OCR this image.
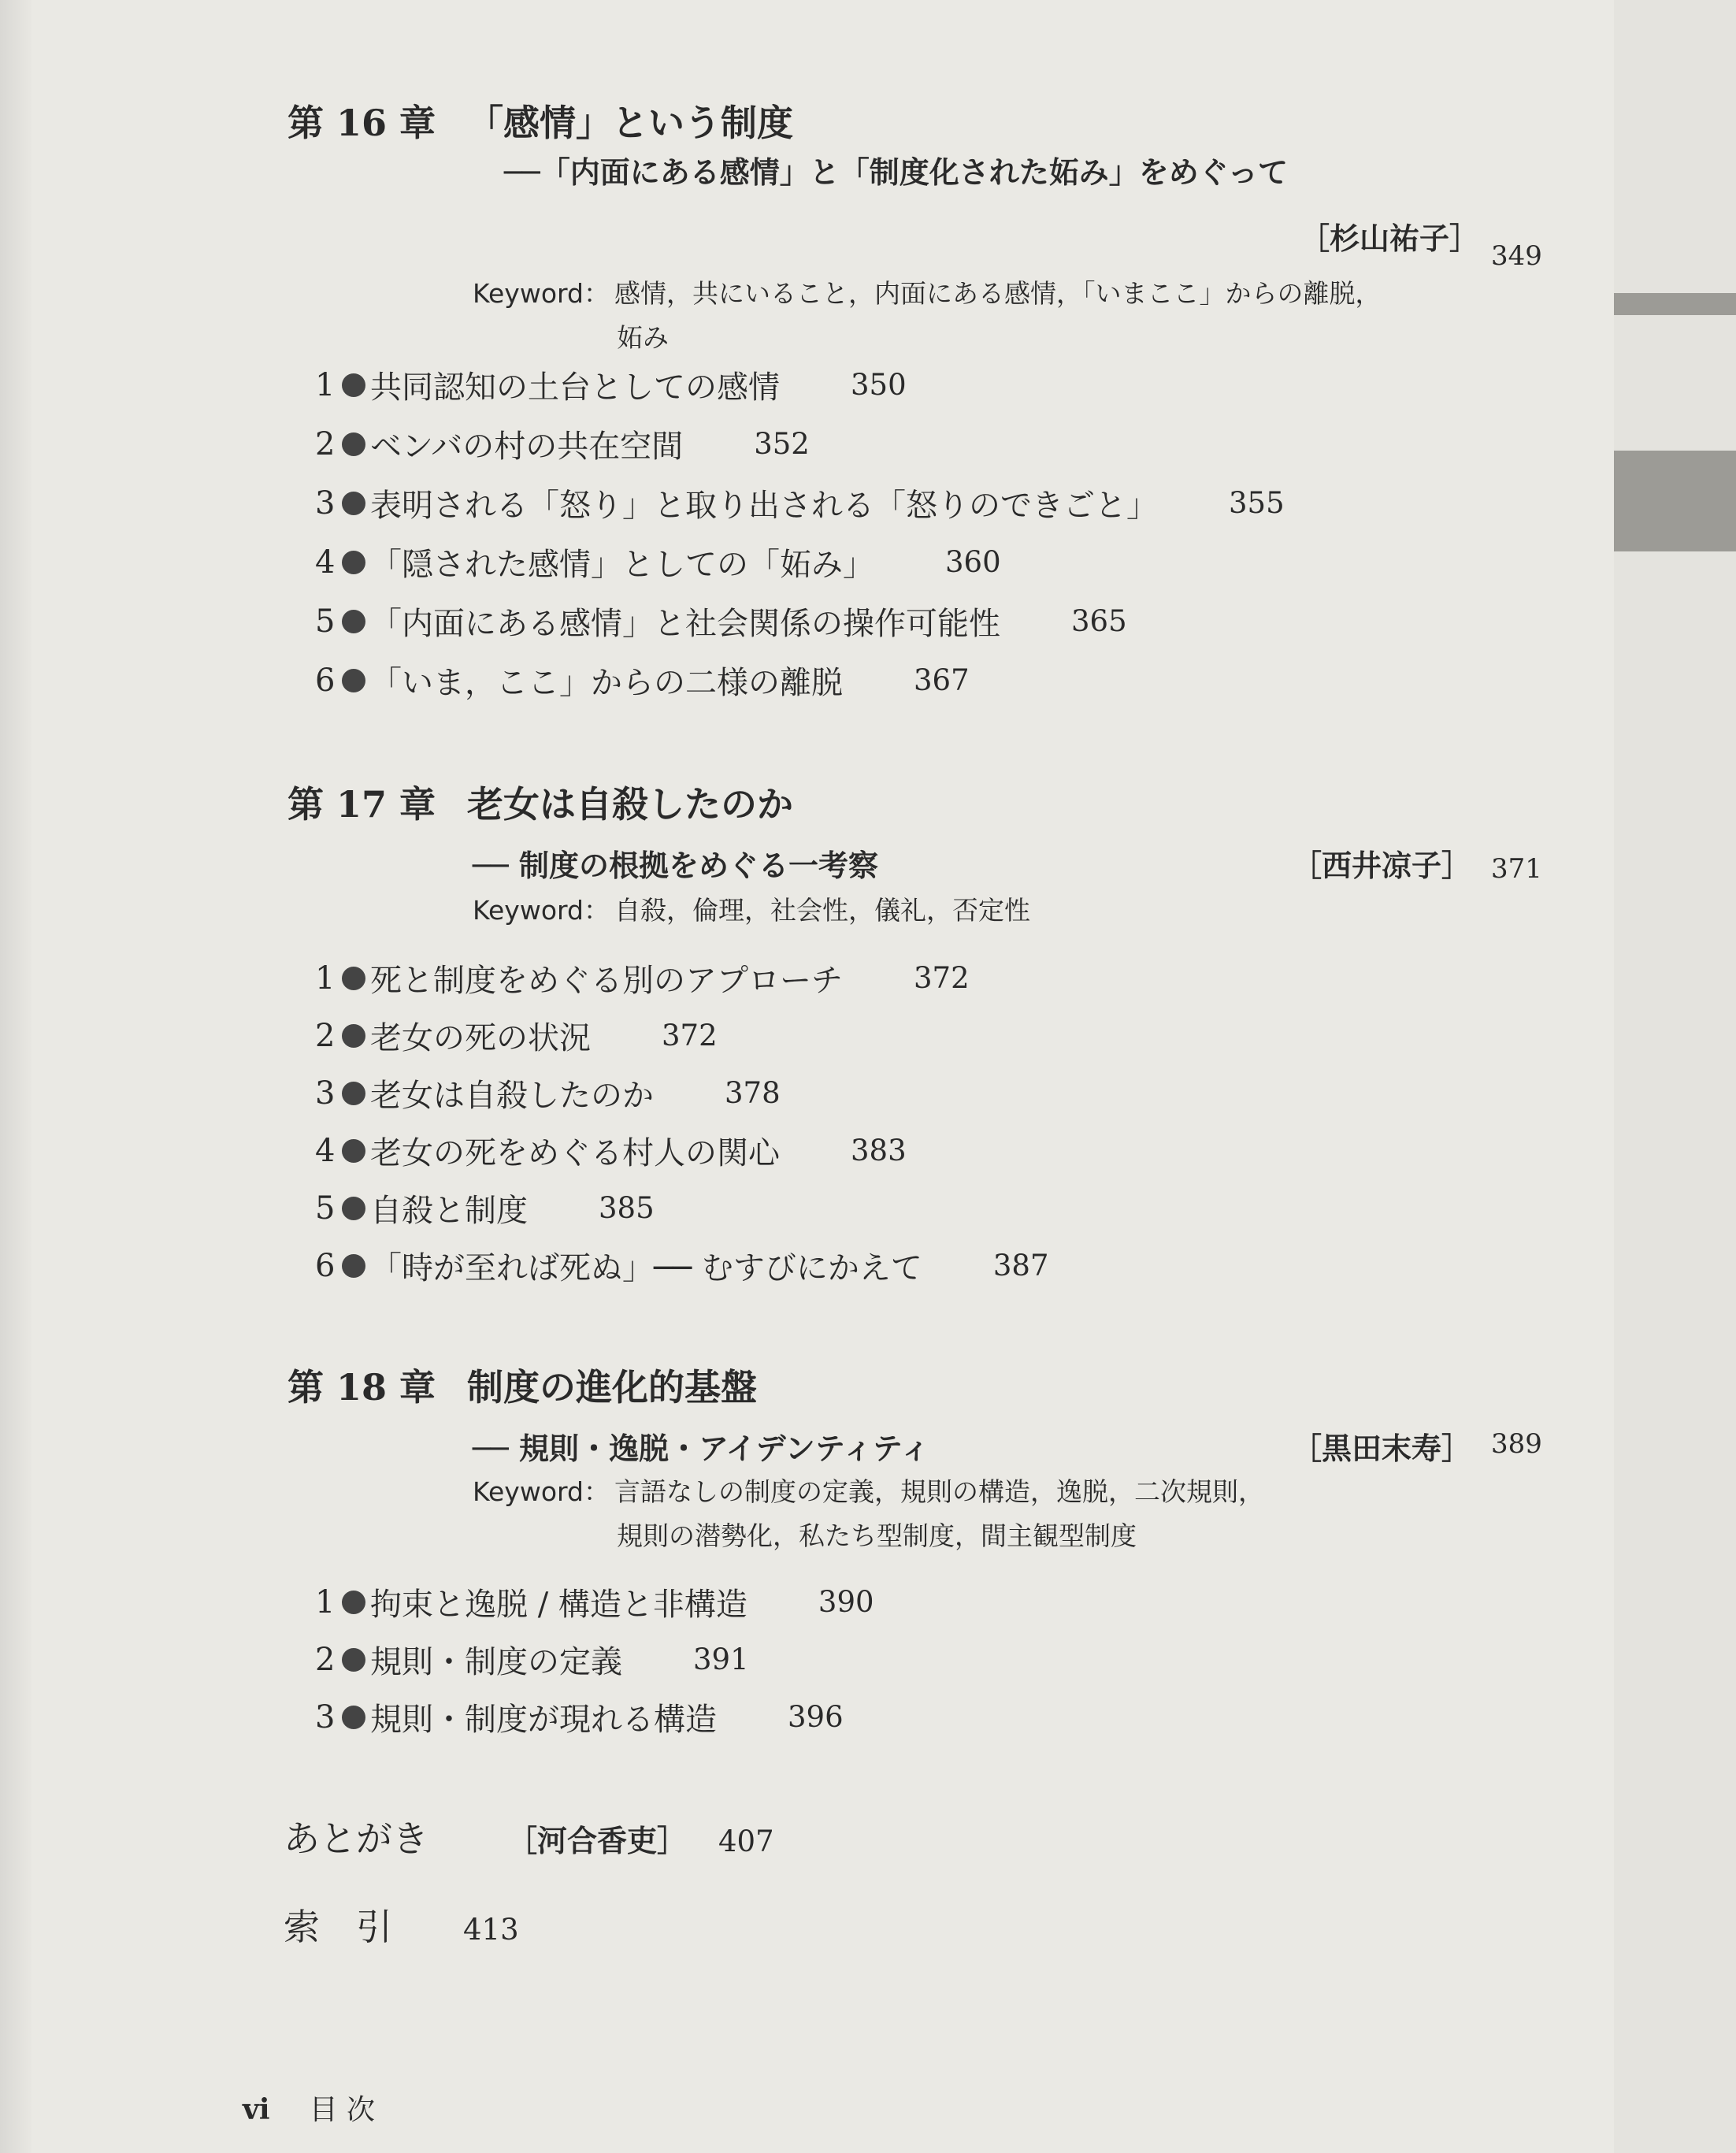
第 16 章 「感情」という制度
──「内面にある感情」と「制度化された妬み」をめぐって
［杉山祐子］ 349
Keyword： 感情，共にいること，内面にある感情，「いまここ」からの離脱，
妬み
1 共同認知の土台としての感情 350
2 ベンバの村の共在空間 352
3 表明される「怒り」と取り出される「怒りのできごと」 355
4 「隠された感情」としての「妬み」 360
5 「内面にある感情」と社会関係の操作可能性 365
6 「いま，ここ」からの二様の離脱 367
第 17 章 老女は自殺したのか
── 制度の根拠をめぐる一考察	［西井凉子］ 371
Keyword： 自殺，倫理，社会性，儀礼，否定性
1 死と制度をめぐる別のアプローチ 372
2 老女の死の状況 372
3 老女は自殺したのか 378
4 老女の死をめぐる村人の関心 383
5 自殺と制度 385
6 「時が至れば死ぬ」── むすびにかえて 387
第 18 章 制度の進化的基盤
── 規則・逸脱・アイデンティティ	［黒田末寿］ 389
Keyword： 言語なしの制度の定義，規則の構造，逸脱，二次規則，
規則の潜勢化，私たち型制度，間主観型制度
1 拘束と逸脱 / 構造と非構造 390
2 規則・制度の定義 391
3 規則・制度が現れる構造 396
あとがき	［河合香吏］ 407
索　引 413
vi 目 次
